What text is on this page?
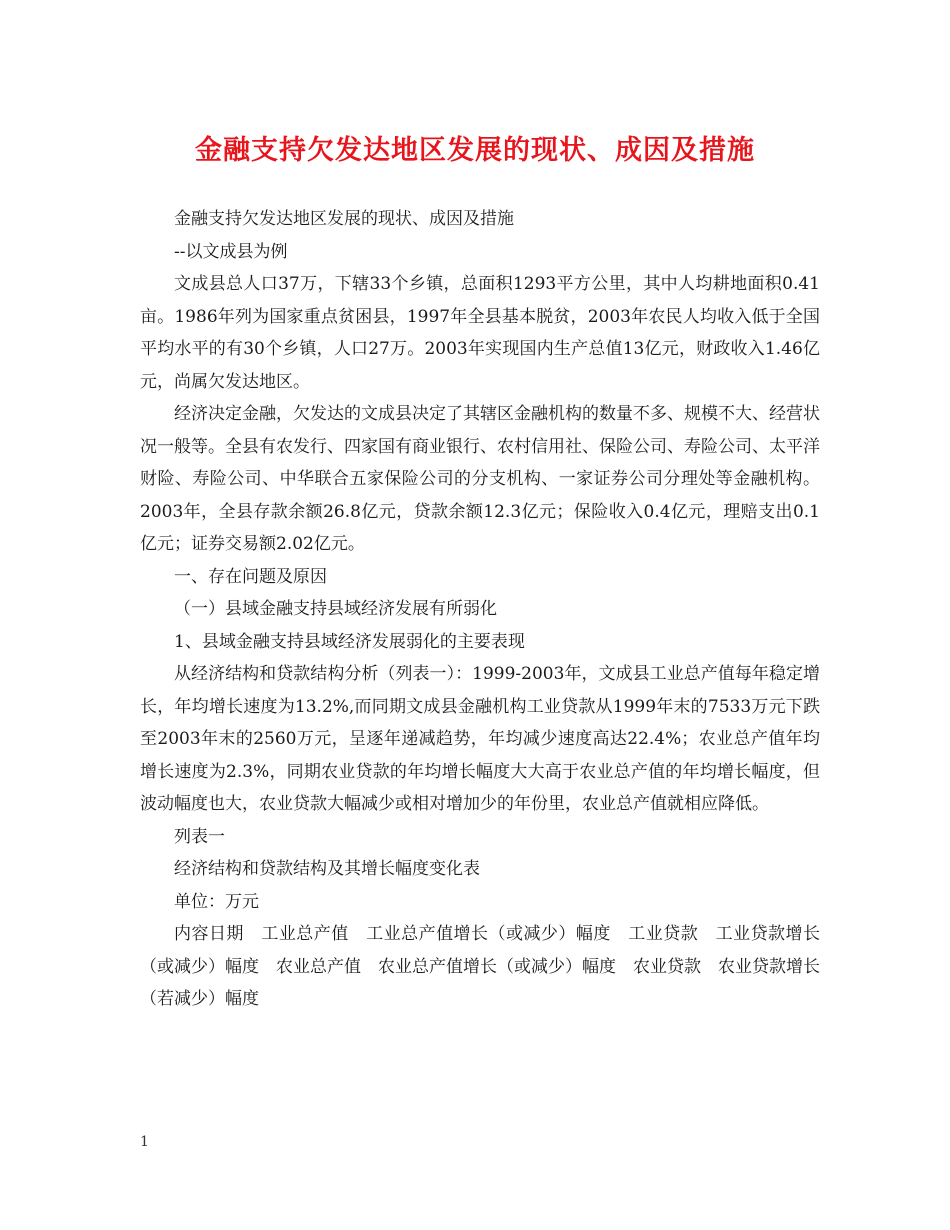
金融支持欠发达地区发展的现状、成因及措施

金融支持欠发达地区发展的现状、成因及措施

--以文成县为例

文成县总人口37万，下辖33个乡镇，总面积1293平方公里，其中人均耕地面积0.41亩。1986年列为国家重点贫困县，1997年全县基本脱贫，2003年农民人均收入低于全国平均水平的有30个乡镇，人口27万。2003年实现国内生产总值13亿元，财政收入1.46亿元，尚属欠发达地区。

经济决定金融，欠发达的文成县决定了其辖区金融机构的数量不多、规模不大、经营状况一般等。全县有农发行、四家国有商业银行、农村信用社、保险公司、寿险公司、太平洋财险、寿险公司、中华联合五家保险公司的分支机构、一家证券公司分理处等金融机构。2003年，全县存款余额26.8亿元，贷款余额12.3亿元；保险收入0.4亿元，理赔支出0.1亿元；证券交易额2.02亿元。

一、存在问题及原因

（一）县域金融支持县域经济发展有所弱化

1、县域金融支持县域经济发展弱化的主要表现

从经济结构和贷款结构分析（列表一）：1999-2003年，文成县工业总产值每年稳定增长，年均增长速度为13.2%,而同期文成县金融机构工业贷款从1999年末的7533万元下跌至2003年末的2560万元，呈逐年递减趋势，年均减少速度高达22.4%；农业总产值年均增长速度为2.3%，同期农业贷款的年均增长幅度大大高于农业总产值的年均增长幅度，但波动幅度也大，农业贷款大幅减少或相对增加少的年份里，农业总产值就相应降低。

列表一

经济结构和贷款结构及其增长幅度变化表

单位：万元

内容日期　工业总产值　工业总产值增长（或减少）幅度　工业贷款　工业贷款增长（或减少）幅度　农业总产值　农业总产值增长（或减少）幅度　农业贷款　农业贷款增长（若减少）幅度

1
